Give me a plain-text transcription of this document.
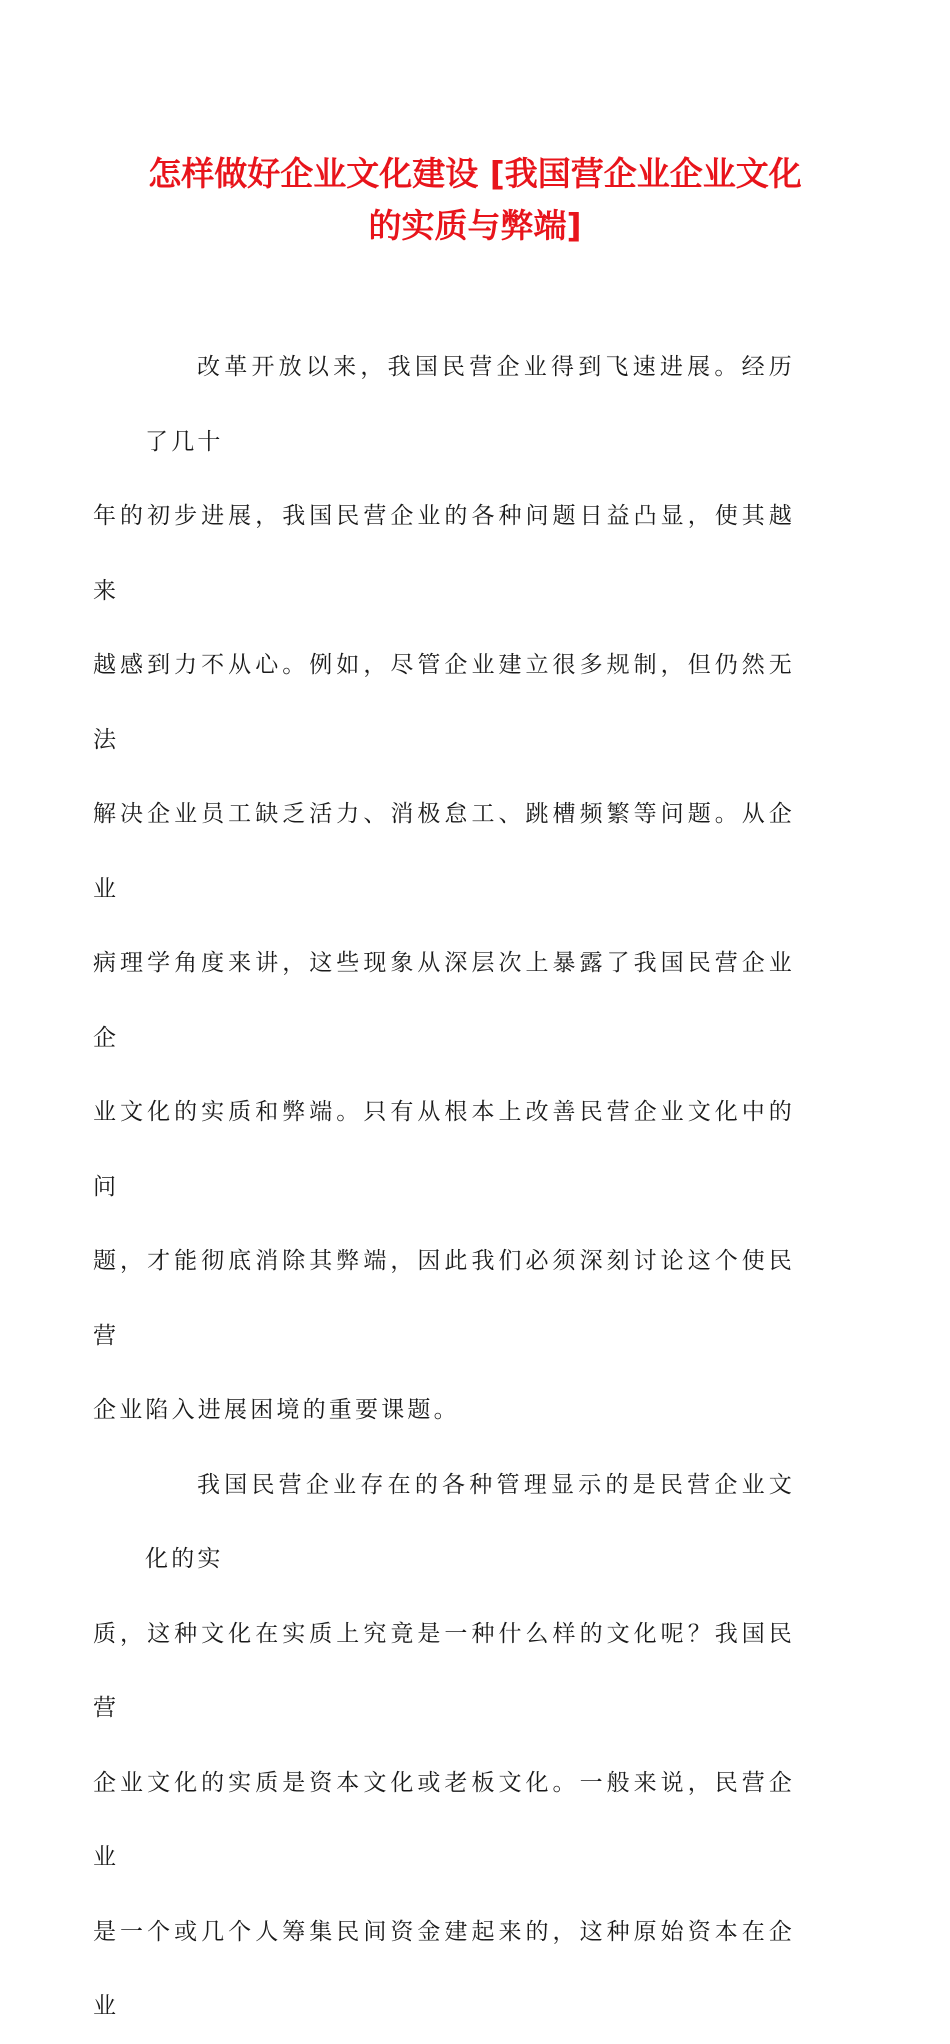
怎样做好企业文化建设 [我国营企业企业文化
的实质与弊端]

改革开放以来，我国民营企业得到飞速进展。经历了几十
年的初步进展，我国民营企业的各种问题日益凸显，使其越来
越感到力不从心。例如，尽管企业建立很多规制，但仍然无法
解决企业员工缺乏活力、消极怠工、跳槽频繁等问题。从企业
病理学角度来讲，这些现象从深层次上暴露了我国民营企业企
业文化的实质和弊端。只有从根本上改善民营企业文化中的问
题，才能彻底消除其弊端，因此我们必须深刻讨论这个使民营
企业陷入进展困境的重要课题。

我国民营企业存在的各种管理显示的是民营企业文化的实
质，这种文化在实质上究竟是一种什么样的文化呢？我国民营
企业文化的实质是资本文化或老板文化。一般来说，民营企业
是一个或几个人筹集民间资金建起来的，这种原始资本在企业
